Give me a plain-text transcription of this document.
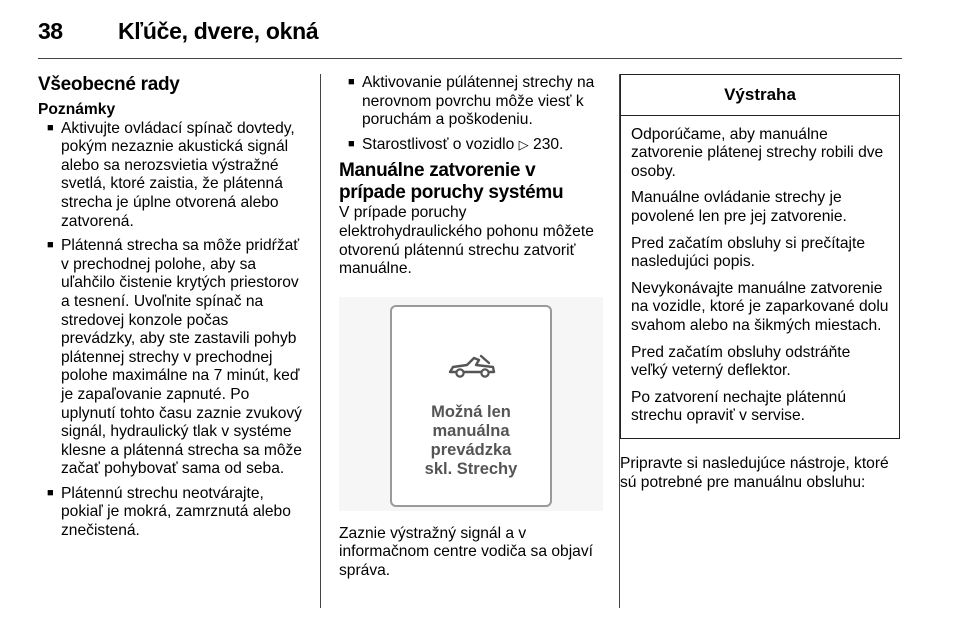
38 Kľúče, dvere, okná
Všeobecné rady

Poznámky

■ Aktivujte ovládací spínač dovtedy, pokým nezaznie akustická signál alebo sa nerozsvietia výstražné svetlá, ktoré zaistia, že plátenná strecha je úplne otvorená alebo zatvorená.
■ Plátenná strecha sa môže pridŕžať v prechodnej polohe, aby sa uľahčilo čistenie krytých priestorov a tesnení. Uvoľnite spínač na stredovej konzole počas prevádzky, aby ste zastavili pohyb plátennej strechy v prechodnej polohe maximálne na 7 minút, keď je zapaľovanie zapnuté. Po uplynutí tohto času zaznie zvukový signál, hydraulický tlak v systéme klesne a plátenná strecha sa môže začať pohybovať sama od seba.
■ Plátennú strechu neotvárajte, pokiaľ je mokrá, zamrznutá alebo znečistená.
■ Aktivovanie púlátennej strechy na nerovnom povrchu môže viesť k poruchám a poškodeniu.
■ Starostlivosť o vozidlo ▷ 230.
Manuálne zatvorenie v prípade poruchy systému

V prípade poruchy elektrohydraulického pohonu môžete otvorenú plátennú strechu zatvoriť manuálne.

Možná len
manuálna
prevádzka
skl. Strechy

Zaznie výstražný signál a v informačnom centre vodiča sa objaví správa.

Výstraha

Odporúčame, aby manuálne zatvorenie plátenej strechy robili dve osoby.

Manuálne ovládanie strechy je povolené len pre jej zatvorenie.

Pred začatím obsluhy si prečítajte nasledujúci popis.

Nevykonávajte manuálne zatvorenie na vozidle, ktoré je zaparkované dolu svahom alebo na šikmých miestach.

Pred začatím obsluhy odstráňte veľký veterný deflektor.

Po zatvorení nechajte plátennú strechu opraviť v servise.

Pripravte si nasledujúce nástroje, ktoré sú potrebné pre manuálnu obsluhu:
